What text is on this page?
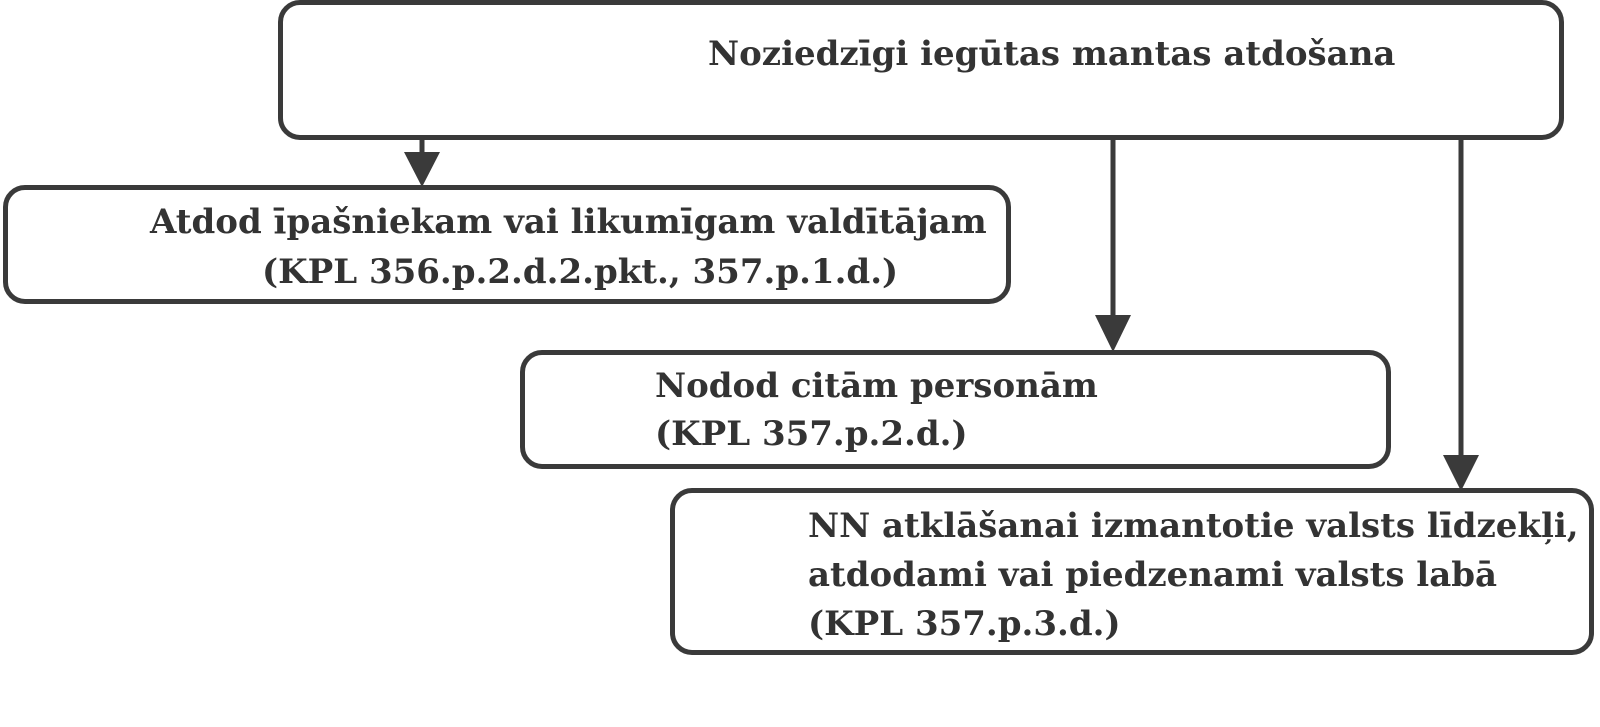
Noziedzīgi iegūtas mantas atdošana
Atdod īpašniekam vai likumīgam valdītājam
(KPL 356.p.2.d.2.pkt., 357.p.1.d.)
Nodod citām personām
(KPL 357.p.2.d.)
NN atklāšanai izmantotie valsts līdzekļi,
atdodami vai piedzenami valsts labā
(KPL 357.p.3.d.)
